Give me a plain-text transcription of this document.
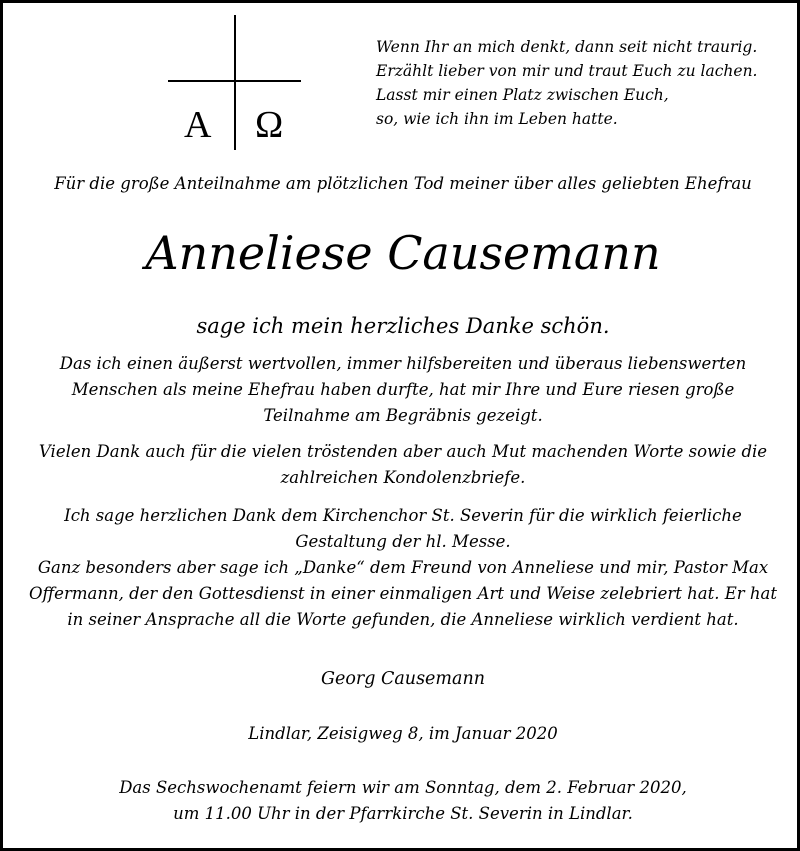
A Ω
Wenn Ihr an mich denkt, dann seit nicht traurig.
Erzählt lieber von mir und traut Euch zu lachen.
Lasst mir einen Platz zwischen Euch,
so, wie ich ihn im Leben hatte.
Für die große Anteilnahme am plötzlichen Tod meiner über alles geliebten Ehefrau
Anneliese Causemann
sage ich mein herzliches Danke schön.
Das ich einen äußerst wertvollen, immer hilfsbereiten und überaus liebenswerten
Menschen als meine Ehefrau haben durfte, hat mir Ihre und Eure riesen große
Teilnahme am Begräbnis gezeigt.
Vielen Dank auch für die vielen tröstenden aber auch Mut machenden Worte sowie die
zahlreichen Kondolenzbriefe.
Ich sage herzlichen Dank dem Kirchenchor St. Severin für die wirklich feierliche
Gestaltung der hl. Messe.
Ganz besonders aber sage ich „Danke“ dem Freund von Anneliese und mir, Pastor Max
Offermann, der den Gottesdienst in einer einmaligen Art und Weise zelebriert hat. Er hat
in seiner Ansprache all die Worte gefunden, die Anneliese wirklich verdient hat.
Georg Causemann
Lindlar, Zeisigweg 8, im Januar 2020
Das Sechswochenamt feiern wir am Sonntag, dem 2. Februar 2020,
um 11.00 Uhr in der Pfarrkirche St. Severin in Lindlar.
